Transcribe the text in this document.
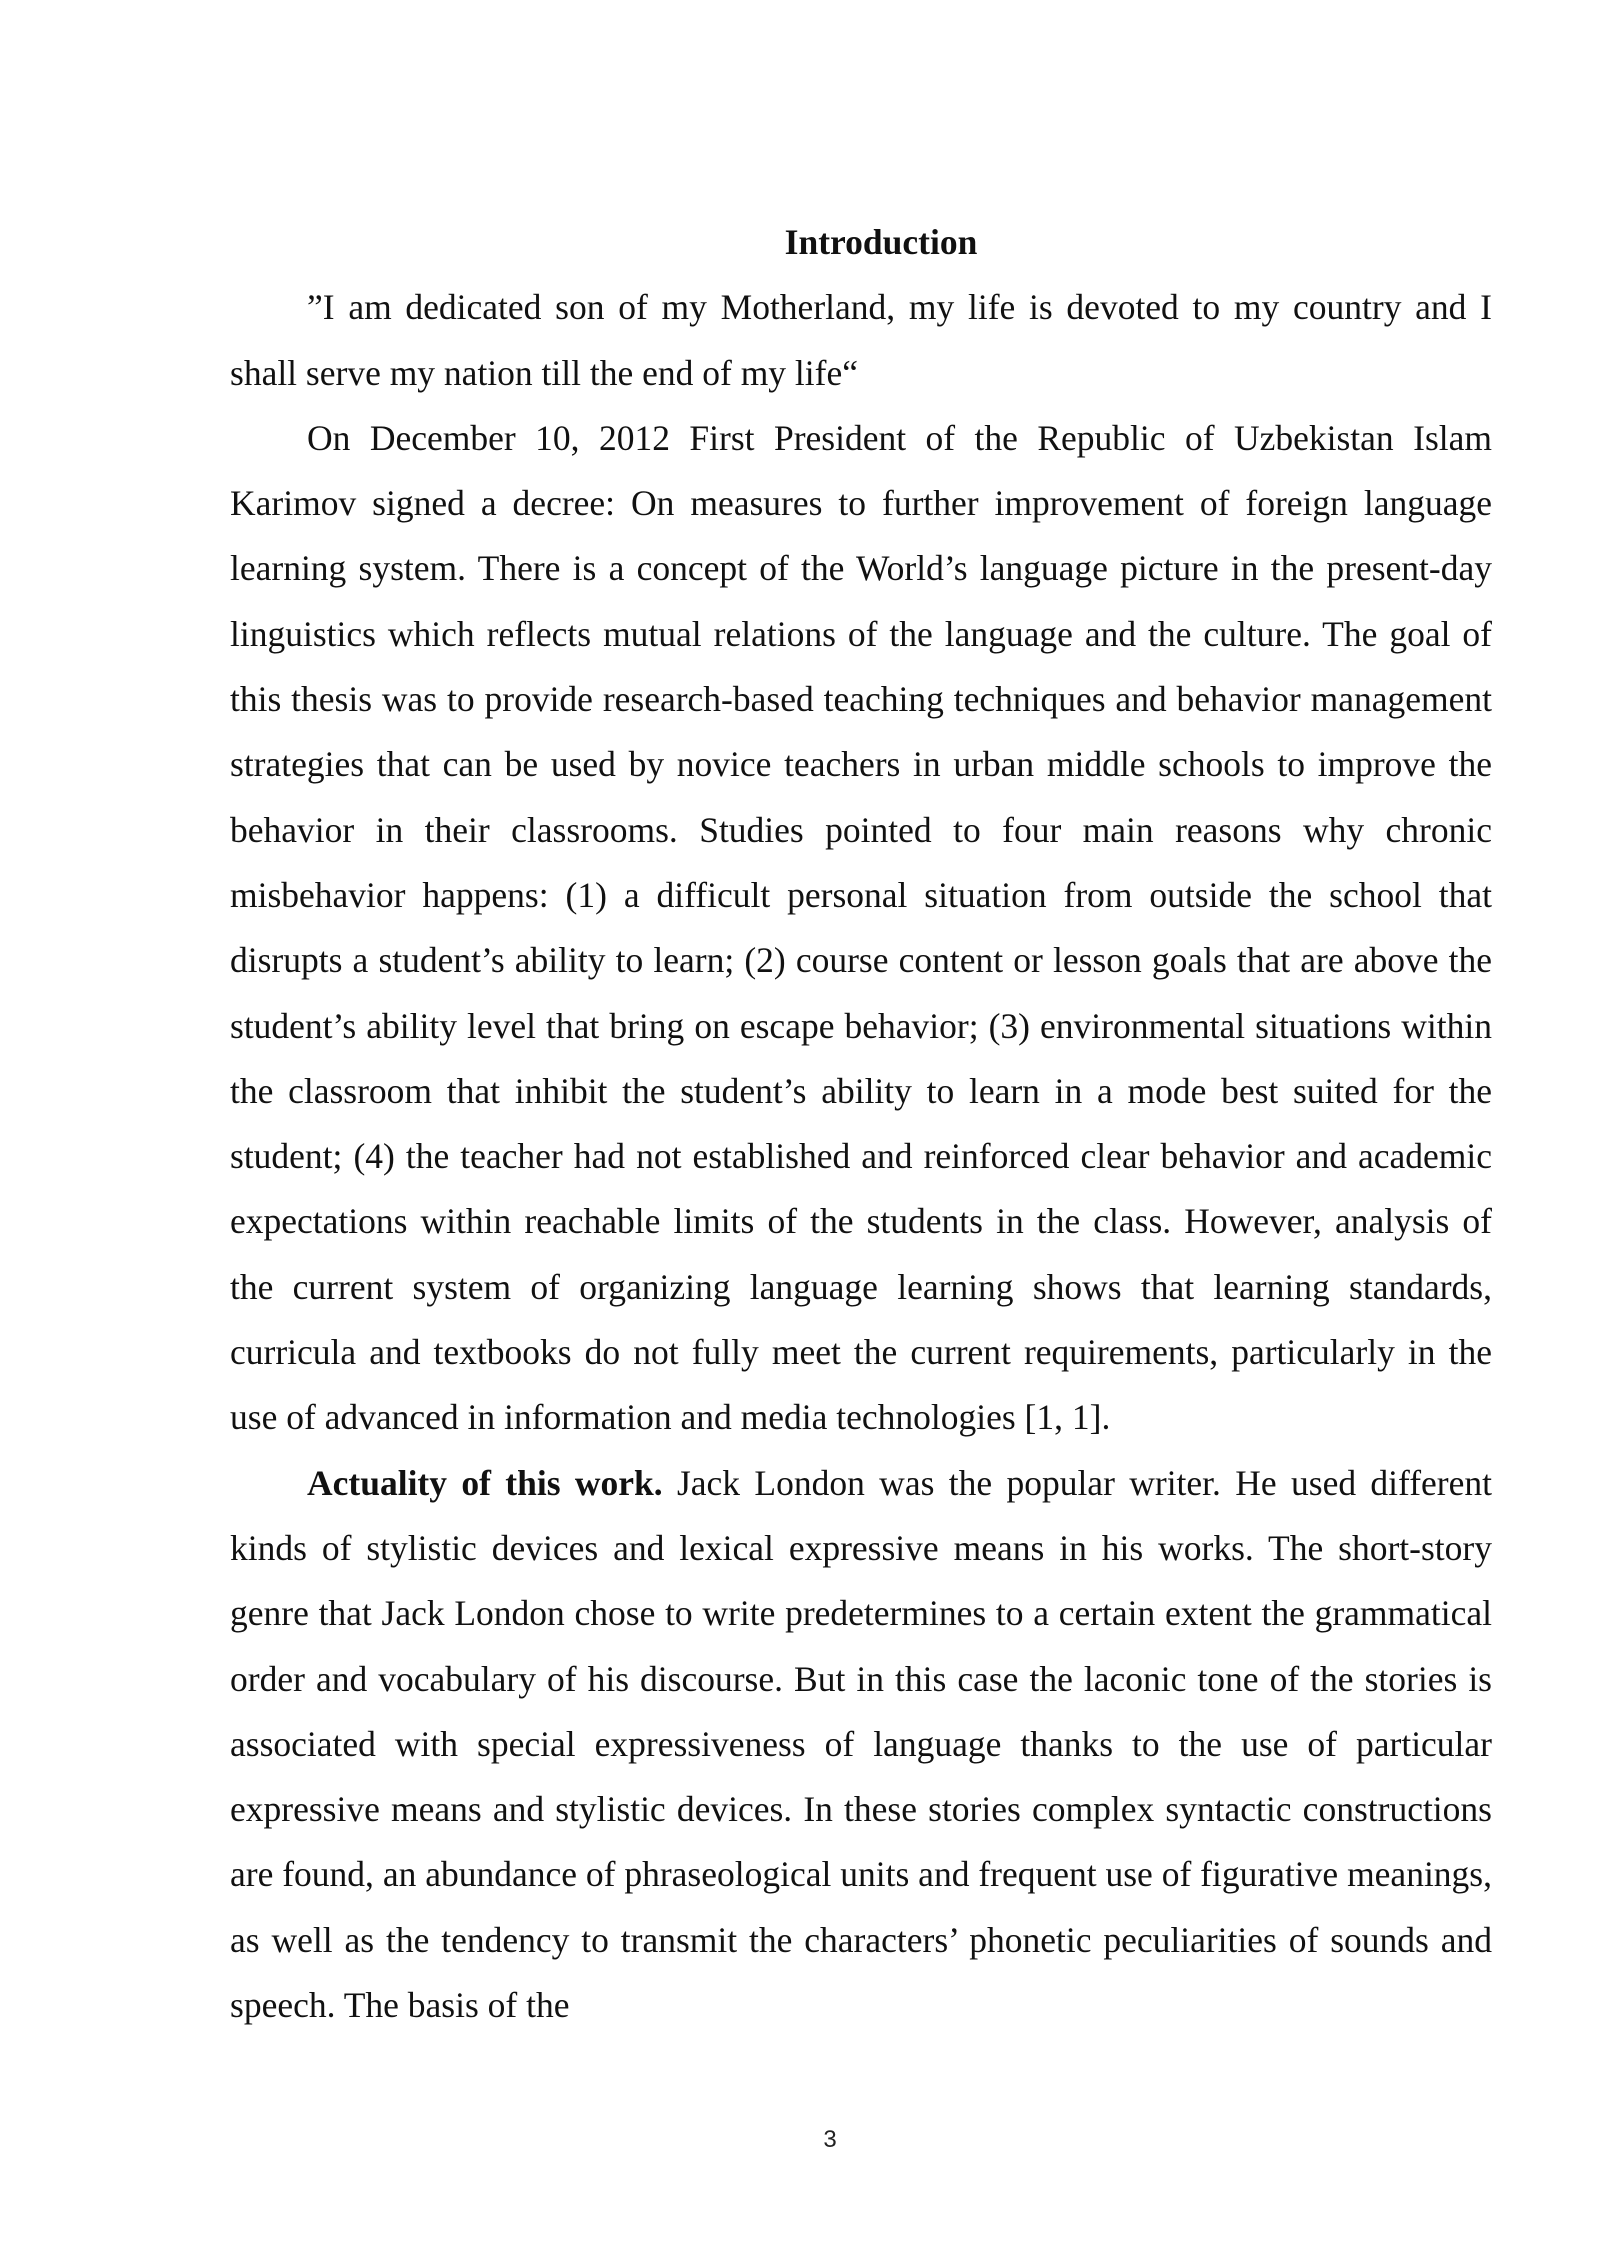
Introduction

”I am dedicated son of my Motherland, my life is devoted to my country and I shall serve my nation till the end of my life“

On December 10, 2012 First President of the Republic of Uzbekistan Islam Karimov signed a decree: On measures to further improvement of foreign language learning system. There is a concept of the World’s language picture in the present-day linguistics which reflects mutual relations of the language and the culture. The goal of this thesis was to provide research-based teaching techniques and behavior management strategies that can be used by novice teachers in urban middle schools to improve the behavior in their classrooms. Studies pointed to four main reasons why chronic misbehavior happens: (1) a difficult personal situation from outside the school that disrupts a student’s ability to learn; (2) course content or lesson goals that are above the student’s ability level that bring on escape behavior; (3) environmental situations within the classroom that inhibit the student’s ability to learn in a mode best suited for the student; (4) the teacher had not established and reinforced clear behavior and academic expectations within reachable limits of the students in the class. However, analysis of the current system of organizing language learning shows that learning standards, curricula and textbooks do not fully meet the current requirements, particularly in the use of advanced in information and media technologies [1, 1].

Actuality of this work. Jack London was the popular writer. He used different kinds of stylistic devices and lexical expressive means in his works. The short-story genre that Jack London chose to write predetermines to a certain extent the grammatical order and vocabulary of his discourse. But in this case the laconic tone of the stories is associated with special expressiveness of language thanks to the use of particular expressive means and stylistic devices. In these stories complex syntactic constructions are found, an abundance of phraseological units and frequent use of figurative meanings, as well as the tendency to transmit the characters’ phonetic peculiarities of sounds and speech. The basis of the

3
